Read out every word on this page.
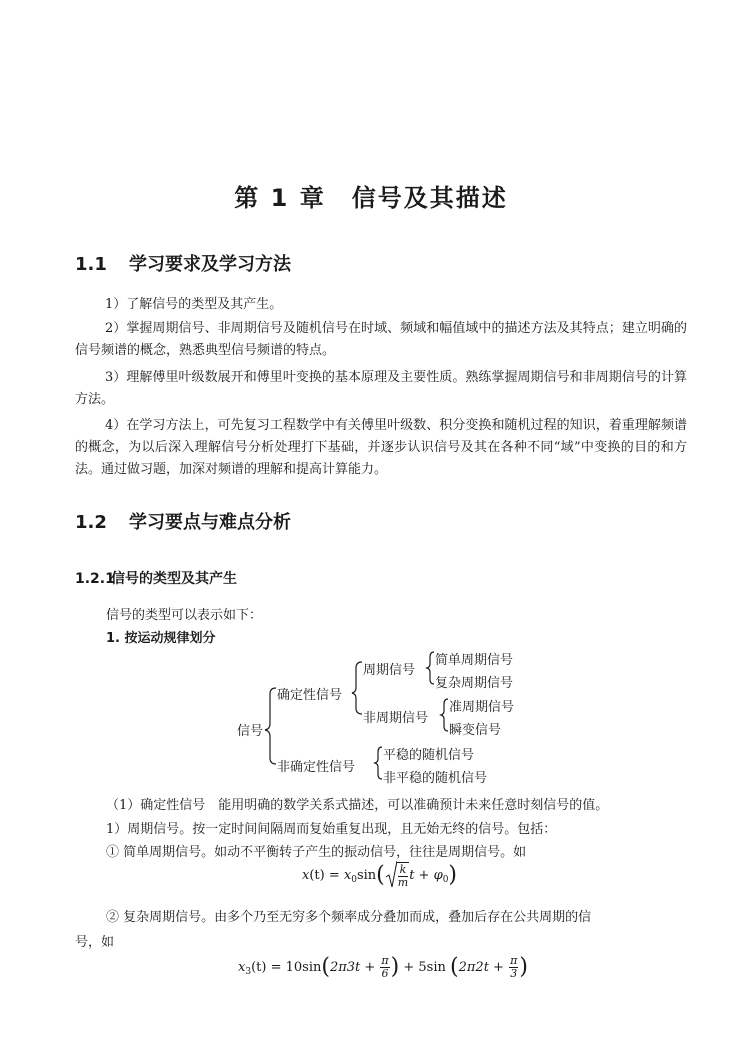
第 1 章　信号及其描述
1.1 学习要求及学习方法
1）了解信号的类型及其产生。
2）掌握周期信号、非周期信号及随机信号在时域、频域和幅值域中的描述方法及其特点；建立明确的信号频谱的概念，熟悉典型信号频谱的特点。
3）理解傅里叶级数展开和傅里叶变换的基本原理及主要性质。熟练掌握周期信号和非周期信号的计算方法。
4）在学习方法上，可先复习工程数学中有关傅里叶级数、积分变换和随机过程的知识，着重理解频谱的概念，为以后深入理解信号分析处理打下基础，并逐步认识信号及其在各种不同“域”中变换的目的和方法。通过做习题，加深对频谱的理解和提高计算能力。
1.2 学习要点与难点分析
1.2.1信号的类型及其产生
信号的类型可以表示如下：
1. 按运动规律划分
信号
确定性信号
周期信号
简单周期信号
复杂周期信号
非周期信号
准周期信号
瞬变信号
非确定性信号
平稳的随机信号
非平稳的随机信号
（1）确定性信号　能用明确的数学关系式描述，可以准确预计未来任意时刻信号的值。
1）周期信号。按一定时间间隔周而复始重复出现，且无始无终的信号。包括：
① 简单周期信号。如动不平衡转子产生的振动信号，往往是周期信号。如
$x(t) = x_0\sin( \frac{k}{m}$ $t + \varphi_0$)
② 复杂周期信号。由多个乃至无穷多个频率成分叠加而成，叠加后存在公共周期的信
号，如
$x_3(t) = 10\sin(2\pi 3t + \frac{\pi}{6}$ ) + 5sin ($2\pi 2t + \frac{\pi}{3}$ )
